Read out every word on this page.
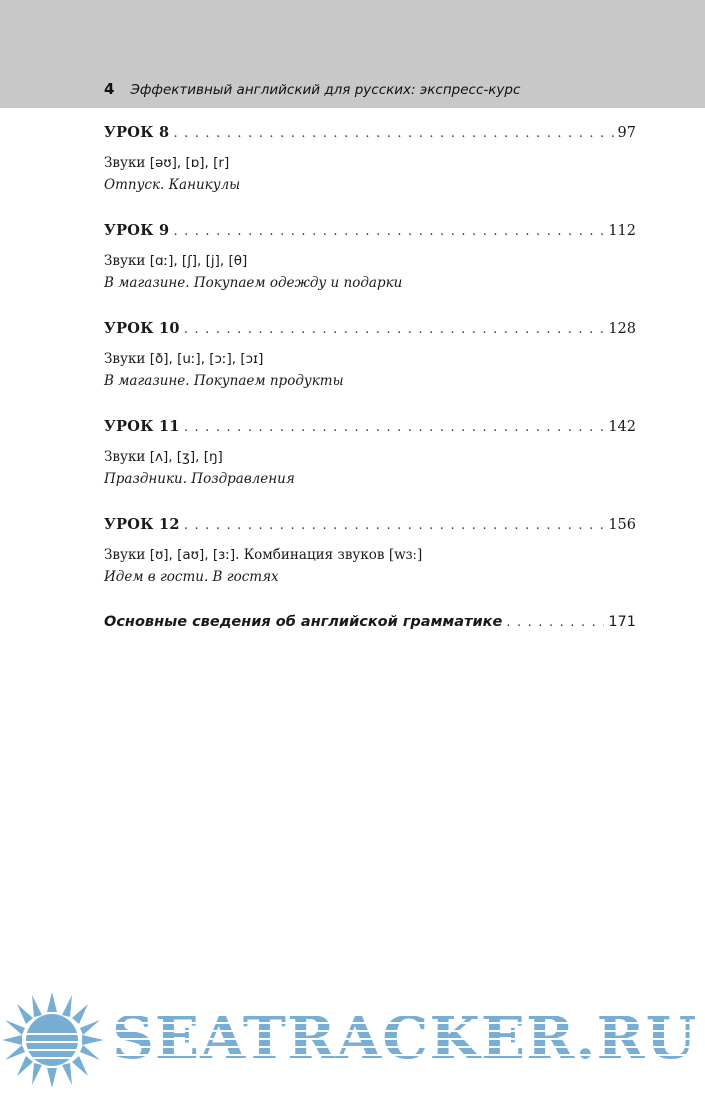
4 Эффективный английский для русских: экспресс-курс
УРОК 8 . . .	97
Звуки [əʊ], [ɒ], [r]
Отпуск. Каникулы
УРОК 9 . . .	112
Звуки [ɑː], [ʃ], [j], [θ]
В магазине. Покупаем одежду и подарки
УРОК 10 . . .	128
Звуки [ð], [uː], [ɔː], [ɔɪ]
В магазине. Покупаем продукты
УРОК 11 . . .	142
Звуки [ʌ], [ʒ], [ŋ]
Праздники. Поздравления
УРОК 12 . . .	156
Звуки [ʊ], [aʊ], [ɜː]. Комбинация звуков [wɜː]
Идем в гости. В гостях
Основные сведения об английской грамматике . . .	171
SEATRACKER.RU
